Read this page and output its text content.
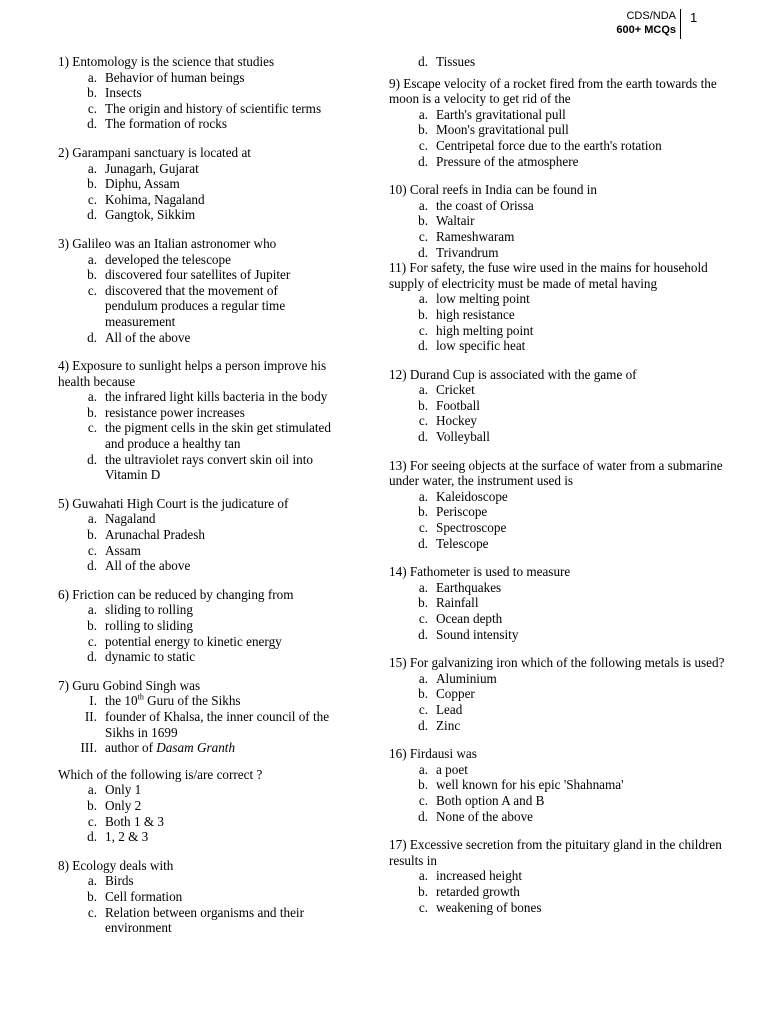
CDS/NDA
600+ MCQs
1
1) Entomology is the science that studies
a. Behavior of human beings
b. Insects
c. The origin and history of scientific terms
d. The formation of rocks
2) Garampani sanctuary is located at
a. Junagarh, Gujarat
b. Diphu, Assam
c. Kohima, Nagaland
d. Gangtok, Sikkim
3) Galileo was an Italian astronomer who
a. developed the telescope
b. discovered four satellites of Jupiter
c. discovered that the movement of pendulum produces a regular time measurement
d. All of the above
4) Exposure to sunlight helps a person improve his health because
a. the infrared light kills bacteria in the body
b. resistance power increases
c. the pigment cells in the skin get stimulated and produce a healthy tan
d. the ultraviolet rays convert skin oil into Vitamin D
5) Guwahati High Court is the judicature of
a. Nagaland
b. Arunachal Pradesh
c. Assam
d. All of the above
6) Friction can be reduced by changing from
a. sliding to rolling
b. rolling to sliding
c. potential energy to kinetic energy
d. dynamic to static
7) Guru Gobind Singh was
I. the 10th Guru of the Sikhs
II. founder of Khalsa, the inner council of the Sikhs in 1699
III. author of Dasam Granth
Which of the following is/are correct ?
a. Only 1
b. Only 2
c. Both 1 & 3
d. 1, 2 & 3
8) Ecology deals with
a. Birds
b. Cell formation
c. Relation between organisms and their environment
d. Tissues
9) Escape velocity of a rocket fired from the earth towards the moon is a velocity to get rid of the
a. Earth's gravitational pull
b. Moon's gravitational pull
c. Centripetal force due to the earth's rotation
d. Pressure of the atmosphere
10) Coral reefs in India can be found in
a. the coast of Orissa
b. Waltair
c. Rameshwaram
d. Trivandrum
11) For safety, the fuse wire used in the mains for household supply of electricity must be made of metal having
a. low melting point
b. high resistance
c. high melting point
d. low specific heat
12) Durand Cup is associated with the game of
a. Cricket
b. Football
c. Hockey
d. Volleyball
13) For seeing objects at the surface of water from a submarine under water, the instrument used is
a. Kaleidoscope
b. Periscope
c. Spectroscope
d. Telescope
14) Fathometer is used to measure
a. Earthquakes
b. Rainfall
c. Ocean depth
d. Sound intensity
15) For galvanizing iron which of the following metals is used?
a. Aluminium
b. Copper
c. Lead
d. Zinc
16) Firdausi was
a. a poet
b. well known for his epic 'Shahnama'
c. Both option A and B
d. None of the above
17) Excessive secretion from the pituitary gland in the children results in
a. increased height
b. retarded growth
c. weakening of bones
